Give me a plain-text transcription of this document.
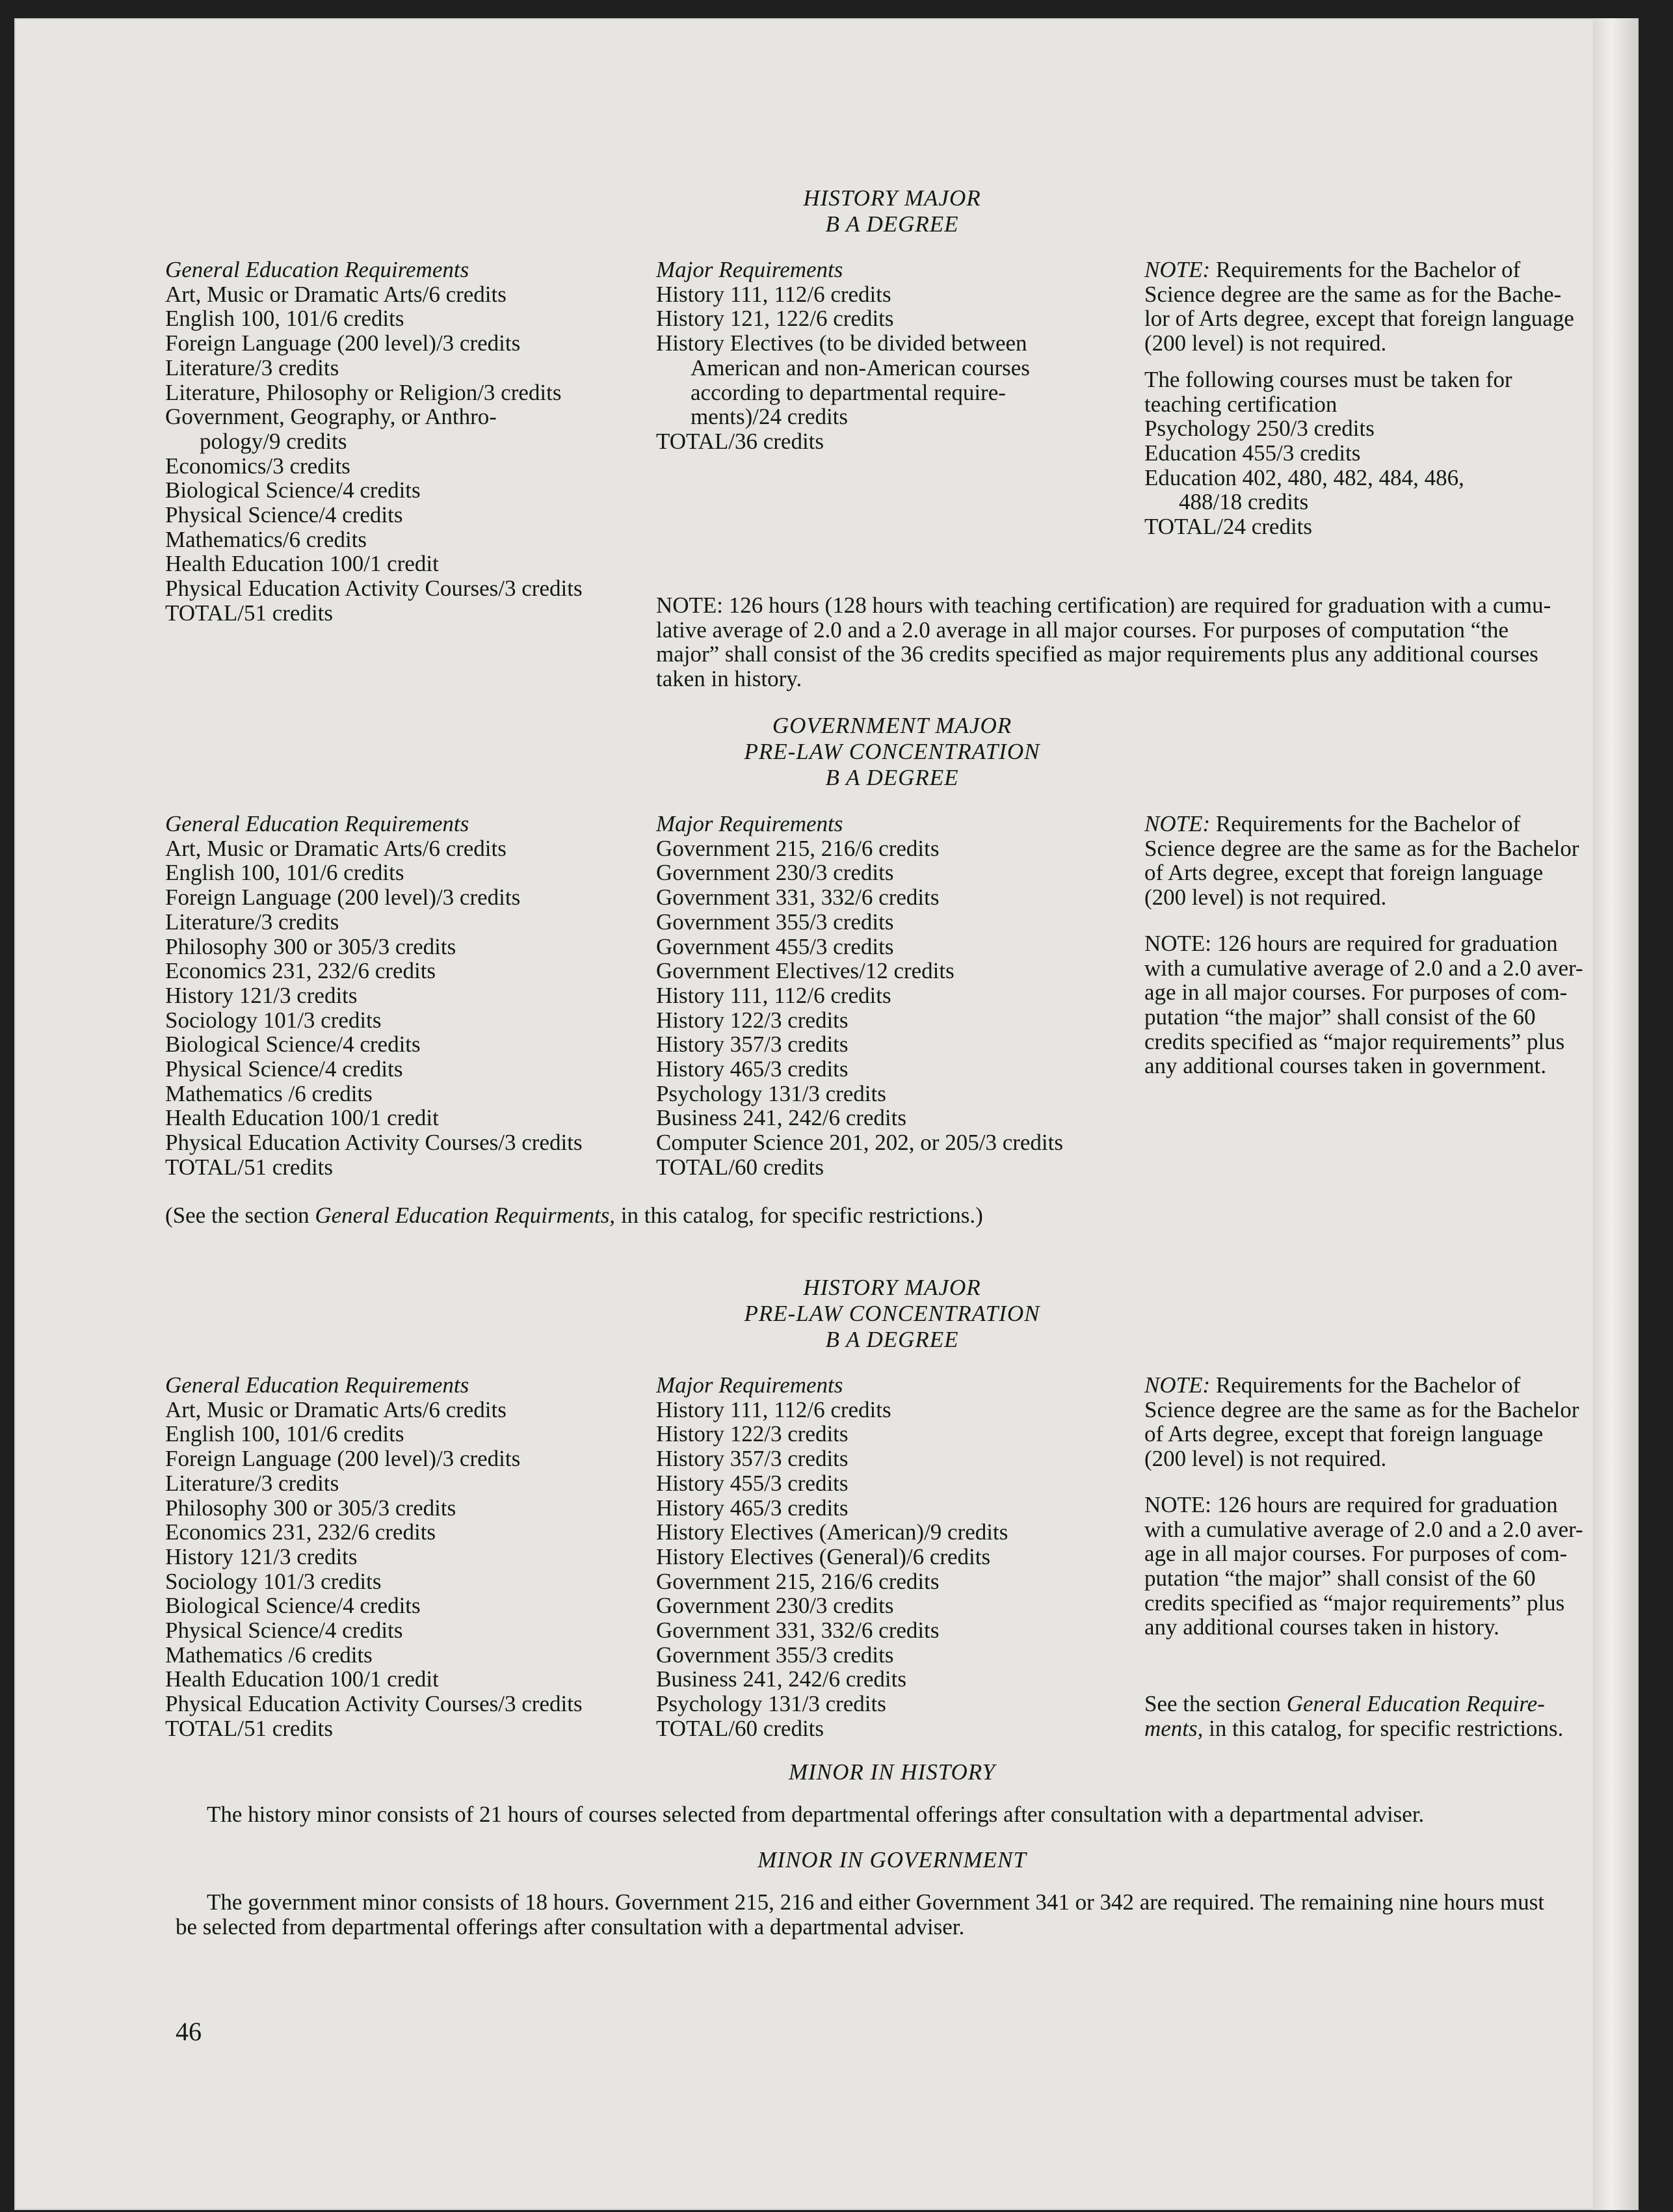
HISTORY MAJOR
B A DEGREE
General Education Requirements
Art, Music or Dramatic Arts/6 credits
English 100, 101/6 credits
Foreign Language (200 level)/3 credits
Literature/3 credits
Literature, Philosophy or Religion/3 credits
Government, Geography, or Anthro-
pology/9 credits
Economics/3 credits
Biological Science/4 credits
Physical Science/4 credits
Mathematics/6 credits
Health Education 100/1 credit
Physical Education Activity Courses/3 credits
TOTAL/51 credits
Major Requirements
History 111, 112/6 credits
History 121, 122/6 credits
History Electives (to be divided between
American and non-American courses
according to departmental require-
ments)/24 credits
TOTAL/36 credits
NOTE: Requirements for the Bachelor of
Science degree are the same as for the Bache-
lor of Arts degree, except that foreign language
(200 level) is not required.
The following courses must be taken for
teaching certification
Psychology 250/3 credits
Education 455/3 credits
Education 402, 480, 482, 484, 486,
488/18 credits
TOTAL/24 credits
NOTE: 126 hours (128 hours with teaching certification) are required for graduation with a cumu-
lative average of 2.0 and a 2.0 average in all major courses. For purposes of computation “the
major” shall consist of the 36 credits specified as major requirements plus any additional courses
taken in history.
GOVERNMENT MAJOR
PRE-LAW CONCENTRATION
B A DEGREE
General Education Requirements
Art, Music or Dramatic Arts/6 credits
English 100, 101/6 credits
Foreign Language (200 level)/3 credits
Literature/3 credits
Philosophy 300 or 305/3 credits
Economics 231, 232/6 credits
History 121/3 credits
Sociology 101/3 credits
Biological Science/4 credits
Physical Science/4 credits
Mathematics /6 credits
Health Education 100/1 credit
Physical Education Activity Courses/3 credits
TOTAL/51 credits
Major Requirements
Government 215, 216/6 credits
Government 230/3 credits
Government 331, 332/6 credits
Government 355/3 credits
Government 455/3 credits
Government Electives/12 credits
History 111, 112/6 credits
History 122/3 credits
History 357/3 credits
History 465/3 credits
Psychology 131/3 credits
Business 241, 242/6 credits
Computer Science 201, 202, or 205/3 credits
TOTAL/60 credits
NOTE: Requirements for the Bachelor of
Science degree are the same as for the Bachelor
of Arts degree, except that foreign language
(200 level) is not required.
NOTE: 126 hours are required for graduation
with a cumulative average of 2.0 and a 2.0 aver-
age in all major courses. For purposes of com-
putation “the major” shall consist of the 60
credits specified as “major requirements” plus
any additional courses taken in government.
(See the section General Education Requirments, in this catalog, for specific restrictions.)
HISTORY MAJOR
PRE-LAW CONCENTRATION
B A DEGREE
General Education Requirements
Art, Music or Dramatic Arts/6 credits
English 100, 101/6 credits
Foreign Language (200 level)/3 credits
Literature/3 credits
Philosophy 300 or 305/3 credits
Economics 231, 232/6 credits
History 121/3 credits
Sociology 101/3 credits
Biological Science/4 credits
Physical Science/4 credits
Mathematics /6 credits
Health Education 100/1 credit
Physical Education Activity Courses/3 credits
TOTAL/51 credits
Major Requirements
History 111, 112/6 credits
History 122/3 credits
History 357/3 credits
History 455/3 credits
History 465/3 credits
History Electives (American)/9 credits
History Electives (General)/6 credits
Government 215, 216/6 credits
Government 230/3 credits
Government 331, 332/6 credits
Government 355/3 credits
Business 241, 242/6 credits
Psychology 131/3 credits
TOTAL/60 credits
NOTE: Requirements for the Bachelor of
Science degree are the same as for the Bachelor
of Arts degree, except that foreign language
(200 level) is not required.
NOTE: 126 hours are required for graduation
with a cumulative average of 2.0 and a 2.0 aver-
age in all major courses. For purposes of com-
putation “the major” shall consist of the 60
credits specified as “major requirements” plus
any additional courses taken in history.
See the section General Education Require-
ments, in this catalog, for specific restrictions.
MINOR IN HISTORY
The history minor consists of 21 hours of courses selected from departmental offerings after consultation with a departmental adviser.
MINOR IN GOVERNMENT
The government minor consists of 18 hours. Government 215, 216 and either Government 341 or 342 are required. The remaining nine hours must
be selected from departmental offerings after consultation with a departmental adviser.
46
